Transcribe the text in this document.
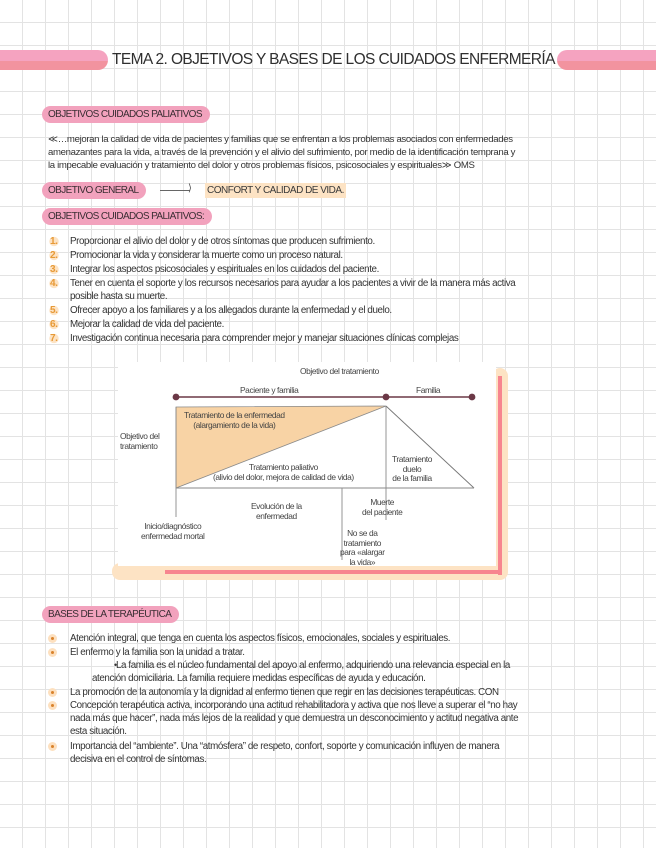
TEMA 2. OBJETIVOS Y BASES DE LOS CUIDADOS ENFERMERÍA
OBJETIVOS CUIDADOS PALIATIVOS
≪…mejoran la calidad de vida de pacientes y familias que se enfrentan a los problemas asociados con enfermedades
amenazantes para la vida, a través de la prevención y el alivio del sufrimiento, por medio de la identificación temprana y
la impecable evaluación y tratamiento del dolor y otros problemas físicos, psicosociales y espirituales≫ OMS
OBJETIVO GENERAL	⟩ CONFORT Y CALIDAD DE VIDA.
OBJETIVOS CUIDADOS PALIATIVOS:
1.	Proporcionar el alivio del dolor y de otros síntomas que producen sufrimiento.
2.	Promocionar la vida y considerar la muerte como un proceso natural.
3.	Integrar los aspectos psicosociales y espirituales en los cuidados del paciente.
4.	Tener en cuenta el soporte y los recursos necesarios para ayudar a los pacientes a vivir de la manera más activa
posible hasta su muerte.
5.	Ofrecer apoyo a los familiares y a los allegados durante la enfermedad y el duelo.
6.	Mejorar la calidad de vida del paciente.
7.	Investigación continua necesaria para comprender mejor y manejar situaciones clínicas complejas
Objetivo del tratamiento
Paciente y familia	Familia
Objetivo del
tratamiento
Tratamiento de la enfermedad
(alargamiento de la vida)
Tratamiento paliativo
(alivio del dolor, mejora de calidad de vida)
Tratamiento
duelo
de la familia
Evolución de la
enfermedad
Muerte
del paciente
Inicio/diagnóstico
enfermedad mortal	No se da
tratamiento
para «alargar
la vida»
BASES DE LA TERAPÉUTICA
Atención integral, que tenga en cuenta los aspectos físicos, emocionales, sociales y espirituales.
El enfermo y la familia son la unidad a tratar.
• La familia es el núcleo fundamental del apoyo al enfermo, adquiriendo una relevancia especial en la
atención domiciliaria. La familia requiere medidas específicas de ayuda y educación.
La promoción de la autonomía y la dignidad al enfermo tienen que regir en las decisiones terapéuticas. CON
Concepción terapéutica activa, incorporando una actitud rehabilitadora y activa que nos lleve a superar el “no hay
nada más que hacer”, nada más lejos de la realidad y que demuestra un desconocimiento y actitud negativa ante
esta situación.
Importancia del “ambiente”. Una “atmósfera” de respeto, confort, soporte y comunicación influyen de manera
decisiva en el control de síntomas.
